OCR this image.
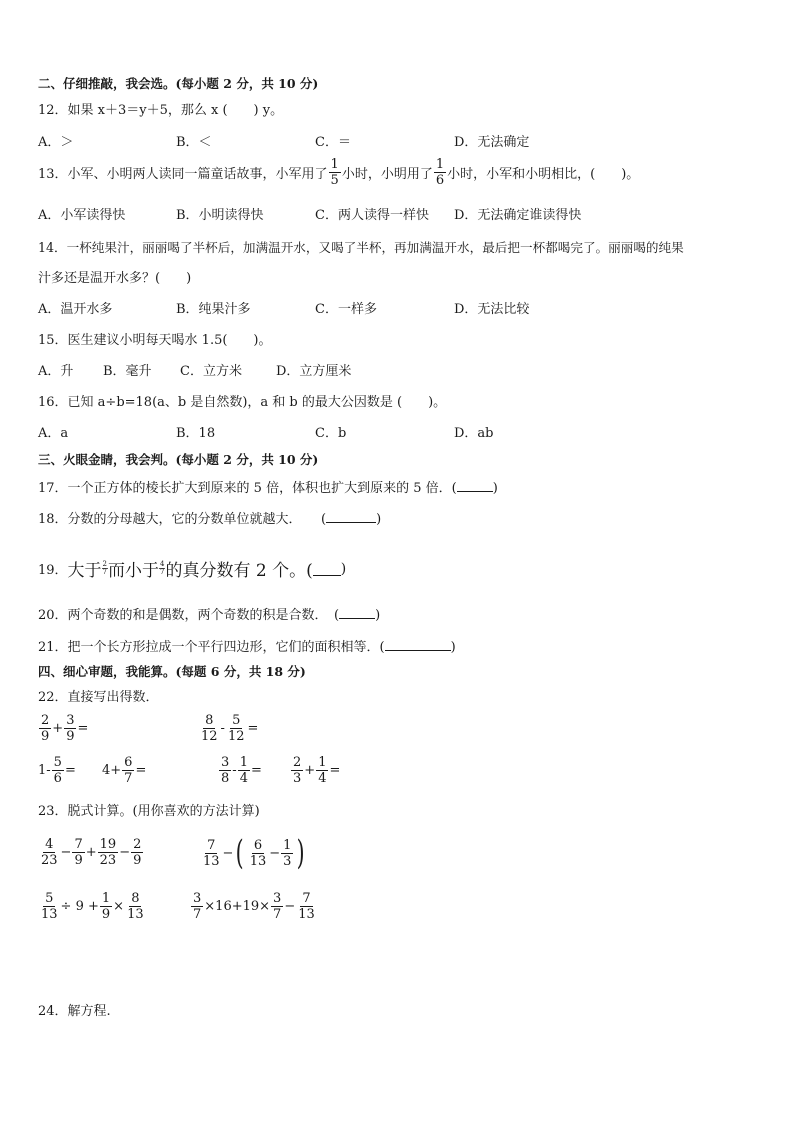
二、仔细推敲，我会选。(每小题 2 分，共 10 分)
12．如果 x＋3＝y＋5，那么 x (　　) y。
A．＞	B．＜	C．＝	D．无法确定
13．小军、小明两人读同一篇童话故事，小军用了 $\frac{1}{5}$ 小时，小明用了 $\frac{1}{6}$ 小时，小军和小明相比，(　　)。
A．小军读得快	B．小明读得快	C．两人读得一样快 D．无法确定谁读得快
14．一杯纯果汁，丽丽喝了半杯后，加满温开水，又喝了半杯，再加满温开水，最后把一杯都喝完了。丽丽喝的纯果
汁多还是温开水多？(　　)
A．温开水多	B．纯果汁多	C．一样多	D．无法比较
15．医生建议小明每天喝水 1.5(　　)。
A．升 B．毫升 C．立方米	D．立方厘米
16．已知 a÷b=18(a、b 是自然数)，a 和 b 的最大公因数是 (　　)。
A．a	B．18	C．b	D．ab
三、火眼金睛，我会判。(每小题 2 分，共 10 分)
17．一个正方体的棱长扩大到原来的 5 倍，体积也扩大到原来的 5 倍．(	)
18．分数的分母越大，它的分数单位就越大．　　(	)
19． 大于 $\frac{2}{7}$ 而小于 $\frac{4}{7}$ 的真分数有 2 个。( )
20．两个奇数的和是偶数，两个奇数的积是合数．　(	)
21．把一个长方形拉成一个平行四边形，它们的面积相等．(	)
四、细心审题，我能算。(每题 6 分，共 18 分)
22．直接写出得数．
$\frac{2}{9} + \frac{3}{9}$ =	$\frac{8}{12} - \frac{5}{12}$ =
$1- \frac{5}{6} = 4+ \frac{6}{7}$ =	$\frac{3}{8} - \frac{1}{4} = \frac{2}{3} + \frac{1}{4}$ =
23．脱式计算。(用你喜欢的方法计算)
$\frac{4}{23} - \frac{7}{9} + \frac{19}{23} - \frac{2}{9}$	$\frac{7}{13}$ − ( $\frac{6}{13} - \frac{1}{3}$ )
$\frac{5}{13} \div 9 + \frac{1}{9} \times \frac{8}{13}$	$\frac{3}{7} \times 16+19\times \frac{3}{7} - \frac{7}{13}$
24．解方程.
